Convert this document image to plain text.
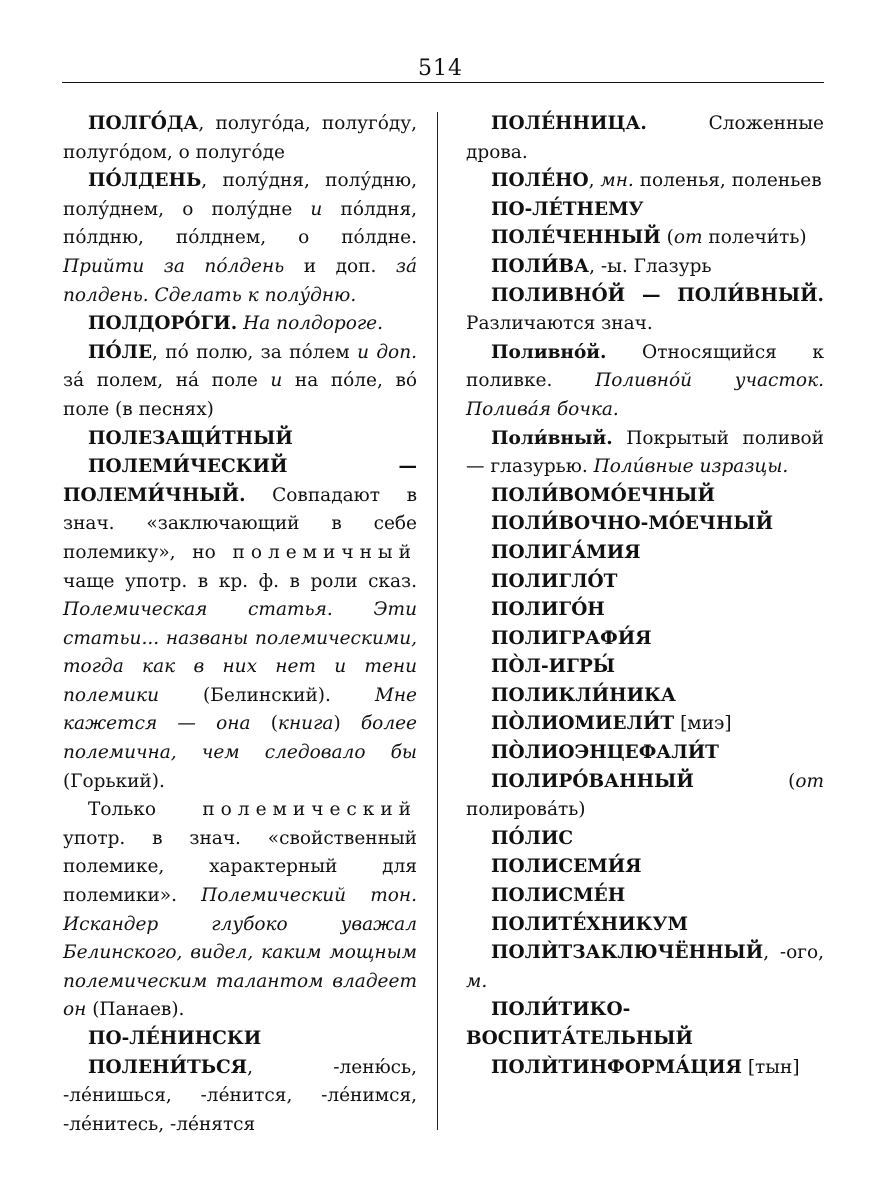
514

ПОЛГО́ДА, полуго́да, полуго́ду, полуго́дом, о полуго́де

ПО́ЛДЕНЬ, полу́дня, полу́дню, полу́днем, о полу́дне и по́лдня, по́лдню, по́лднем, о по́лдне. Прийти за по́лдень и доп. за́ полдень. Сделать к полу́дню.

ПОЛДОРО́ГИ. На полдороге.

ПО́ЛЕ, по́ полю, за по́лем и доп. за́ полем, на́ поле и на по́ле, во́ поле (в песнях)

ПОЛЕЗАЩИ́ТНЫЙ

ПОЛЕМИ́ЧЕСКИЙ — ПОЛЕМИ́ЧНЫЙ. Совпадают в знач. «заключающий в себе полемику», но полемичный чаще употр. в кр. ф. в роли сказ. Полемическая статья. Эти статьи... названы полемическими, тогда как в них нет и тени полемики (Белинский). Мне кажется — она (книга) более полемична, чем следовало бы (Горький).

Только полемический употр. в знач. «свойственный полемике, характерный для полемики». Полемический тон. Искандер глубоко уважал Белинского, видел, каким мощным полемическим талантом владеет он (Панаев).

ПО-ЛЕ́НИНСКИ

ПОЛЕНИ́ТЬСЯ, -леню́сь, -ле́нишься, -ле́нится, -ле́нимся, -ле́нитесь, -ле́нятся

ПОЛЕ́ННИЦА. Сложенные дрова.

ПОЛЕ́НО, мн. поленья, поленьев

ПО-ЛЕ́ТНЕМУ

ПОЛЕ́ЧЕННЫЙ (от полечи́ть)

ПОЛИ́ВА, -ы. Глазурь

ПОЛИВНО́Й — ПОЛИ́ВНЫЙ. Различаются знач.

Поливно́й. Относящийся к поливке. Поливно́й участок. Полива́я бочка.

Поли́вный. Покрытый поливой — глазурью. Поли́вные изразцы.

ПОЛИ́ВОМО́ЕЧНЫЙ

ПОЛИ́ВОЧНО-МО́ЕЧНЫЙ

ПОЛИГА́МИЯ

ПОЛИГЛО́Т

ПОЛИГО́Н

ПОЛИГРАФИ́Я

ПО̀Л-ИГРЫ́

ПОЛИКЛИ́НИКА

ПО̀ЛИОМИЕЛИ́Т [миэ]

ПО̀ЛИОЭНЦЕФАЛИ́Т

ПОЛИРО́ВАННЫЙ (от полирова́ть)

ПО́ЛИС

ПОЛИСЕМИ́Я

ПОЛИСМЕ́Н

ПОЛИТЕ́ХНИКУМ

ПОЛЍТЗАКЛЮЧЁННЫЙ, -ого, м.

ПОЛИ́ТИКО-ВОСПИТА́ТЕЛЬНЫЙ

ПОЛЍТИНФОРМА́ЦИЯ [тын]
